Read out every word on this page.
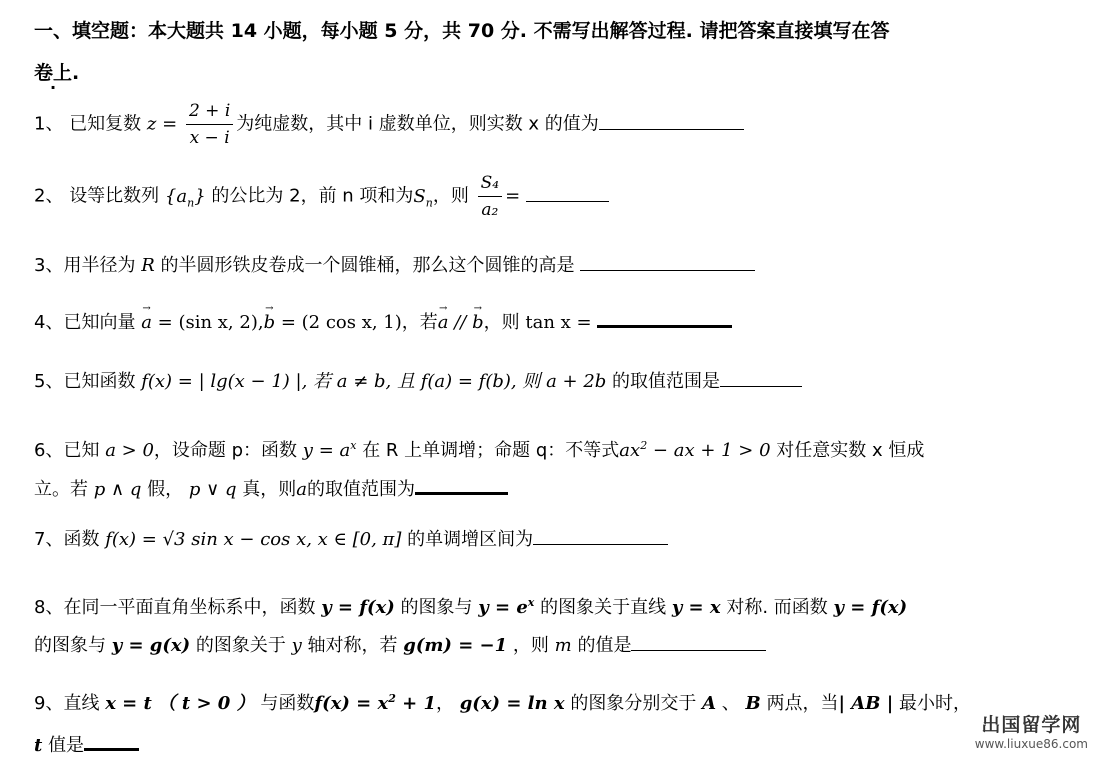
一、填空题：本大题共 14 小题，每小题 5 分，共 70 分. 不需写出解答过程. 请把答案直接填写在答
卷上.
1、 已知复数 $z = \frac{2 + i}{x - i}$ 为纯虚数，其中 i 虚数单位，则实数 x 的值为
2、 设等比数列 $\{a_n\}$ 的公比为 2，前 n 项和为$S_n$，则 $\frac{\text{S₄}}{\text{a₂}}$ =
3、用半径为 R 的半圆形铁皮卷成一个圆锥桶，那么这个圆锥的高是
4、已知向量 → a = (sin x, 2),→ b = (2 cos x, 1)，若→ a // → b，则 tan x =
5、已知函数 f(x) = | lg(x − 1) |, 若 a ≠ b, 且 f(a) = f(b), 则 a + 2b 的取值范围是
6、已知 a > 0，设命题 p：函数 $y = a^x$ 在 R 上单调增；命题 q：不等式$ax^2$ − ax + 1 > 0 对任意实数 x 恒成
立。若 p ∧ q 假， p ∨ q 真，则a的取值范围为
7、函数 f(x) = √3 sin x − cos x, x ∈ [0, π] 的单调增区间为
8、在同一平面直角坐标系中，函数 y = f(x) 的图象与 $y = e^x$ 的图象关于直线 y = x 对称. 而函数 y = f(x)
的图象与 y = g(x) 的图象关于 y 轴对称，若 g(m) = −1 ，则 m 的值是
9、直线 x = t （ t > 0 ） 与函数$f(x) = x^2 + 1$， g(x) = ln x 的图象分别交于 A 、 B 两点，当| AB | 最小时，
t 值是
出国留学网
www.liuxue86.com
